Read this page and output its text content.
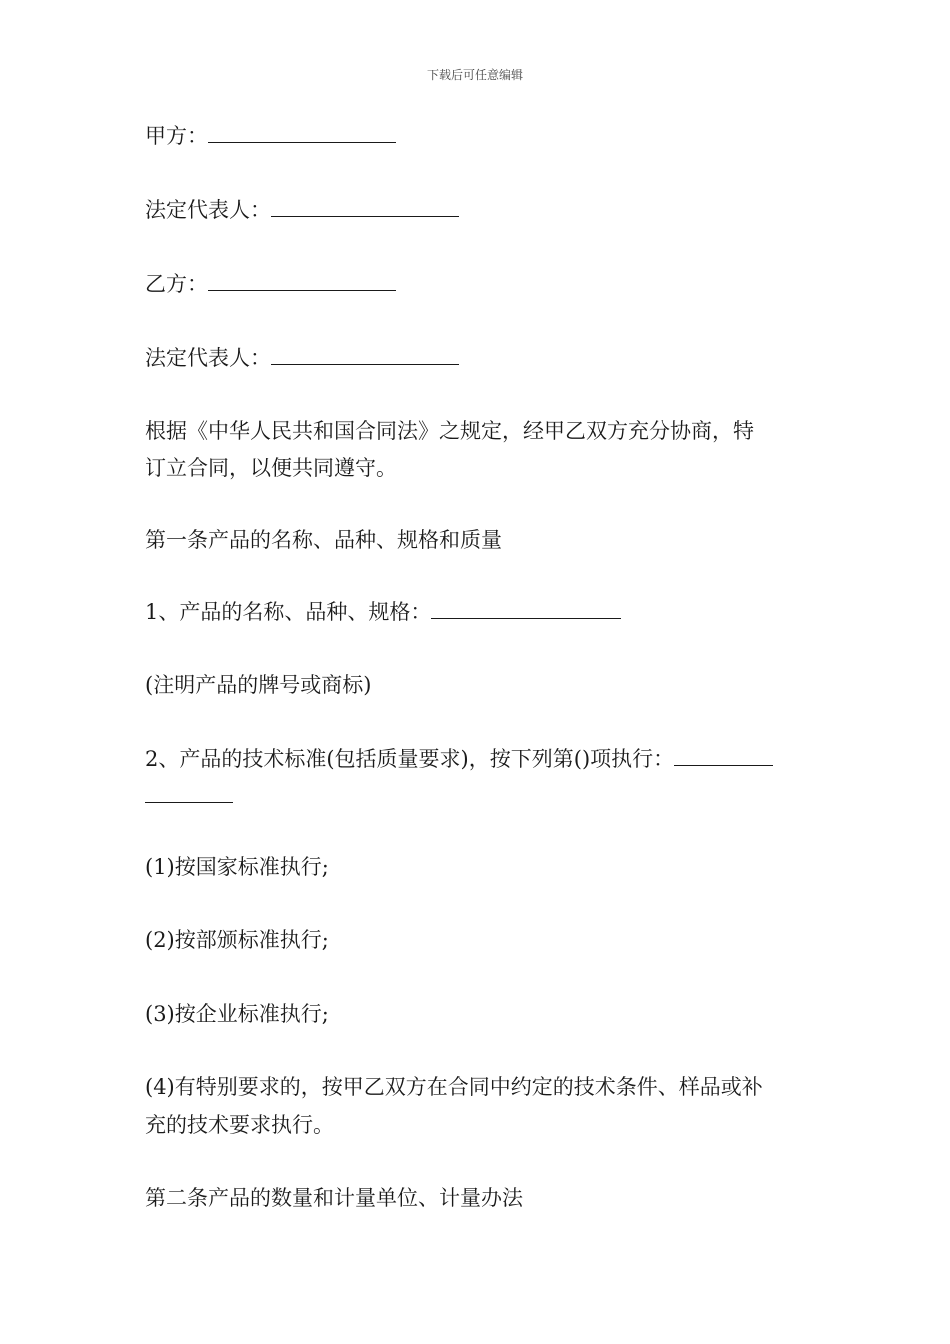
下载后可任意编辑
甲方：
法定代表人：
乙方：
法定代表人：
根据《中华人民共和国合同法》之规定，经甲乙双方充分协商，特
订立合同，以便共同遵守。
第一条产品的名称、品种、规格和质量
1、产品的名称、品种、规格：
(注明产品的牌号或商标)
2、产品的技术标准(包括质量要求)，按下列第()项执行：
(1)按国家标准执行;
(2)按部颁标准执行;
(3)按企业标准执行;
(4)有特别要求的，按甲乙双方在合同中约定的技术条件、样品或补
充的技术要求执行。
第二条产品的数量和计量单位、计量办法
